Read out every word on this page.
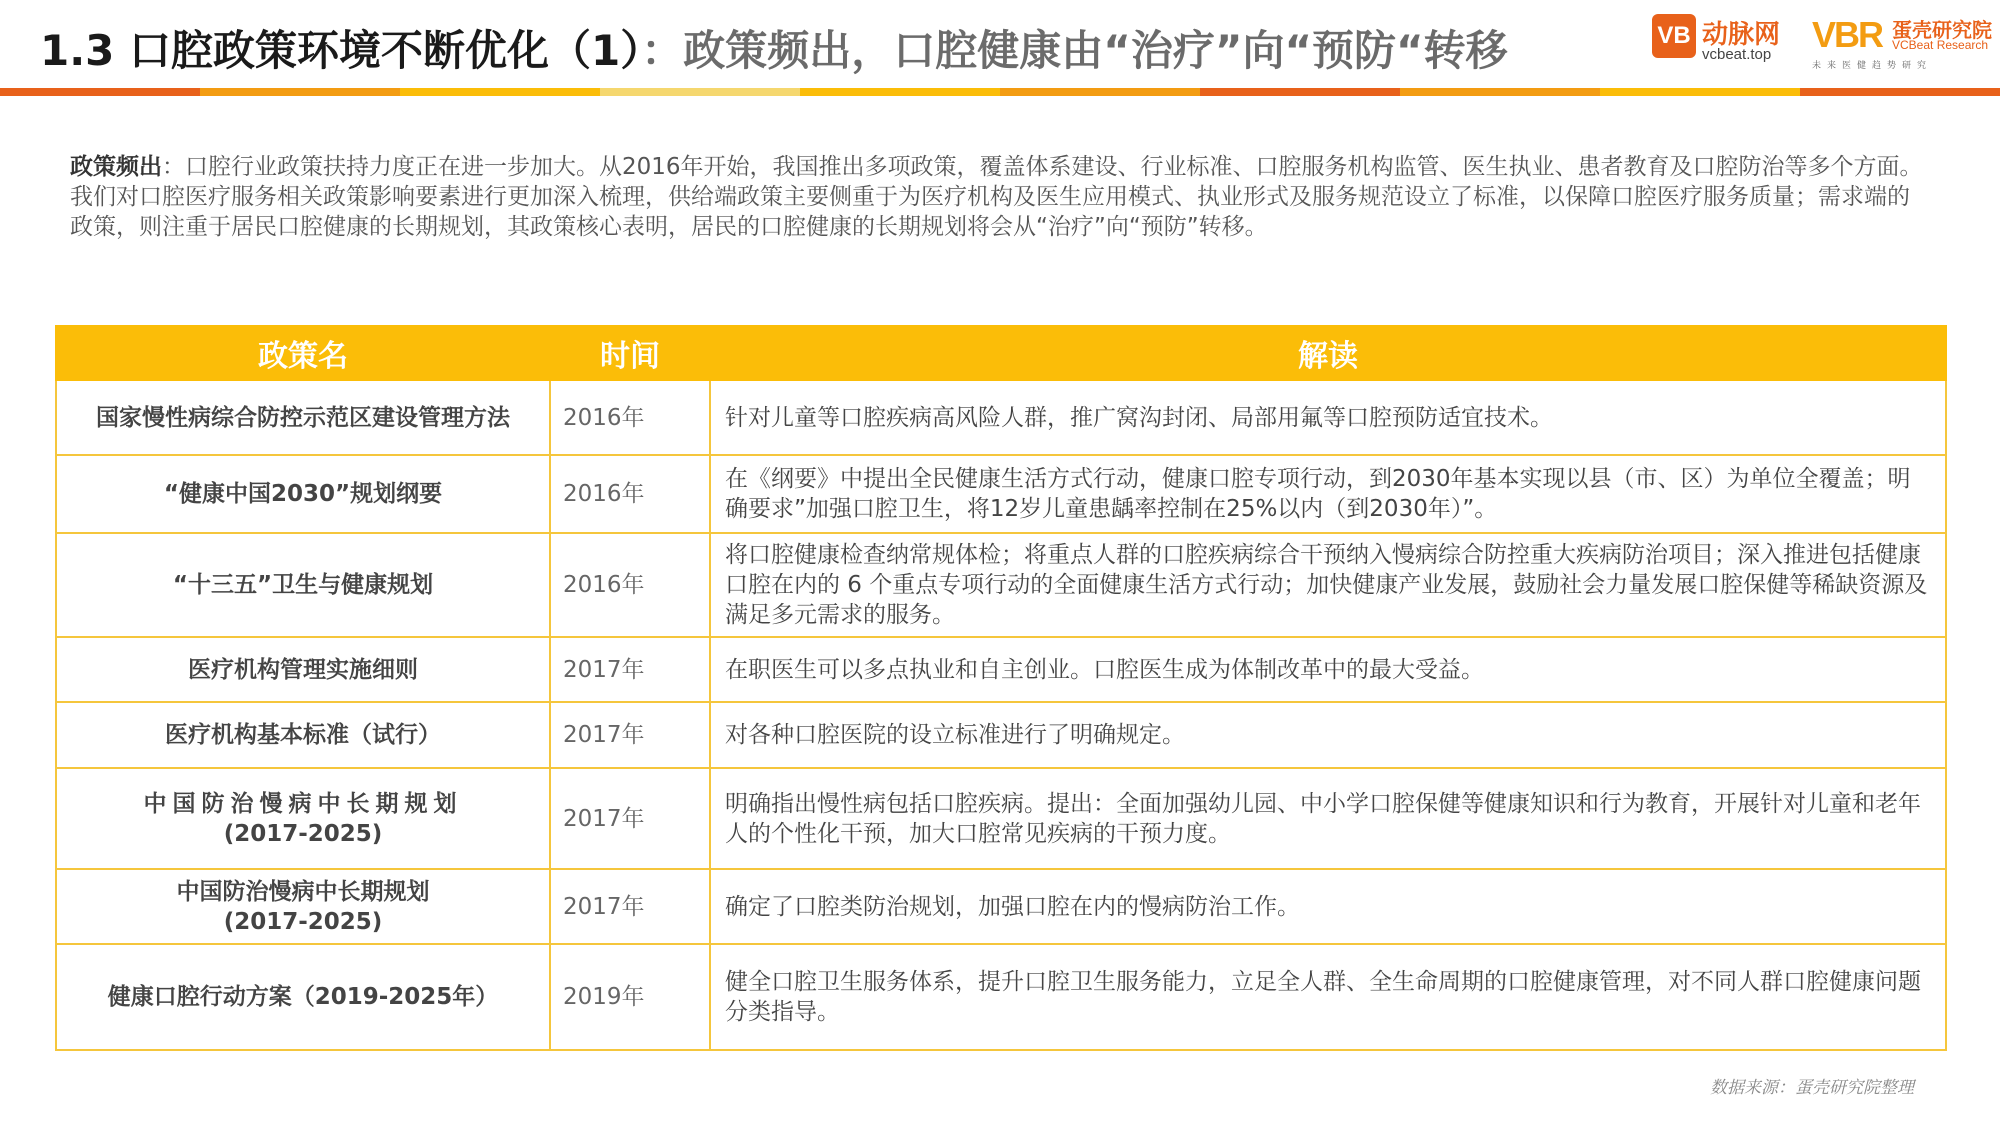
1.3 口腔政策环境不断优化（1）：政策频出，口腔健康由“治疗”向“预防“转移	VB 动脉网
vcbeat.top VBR 蛋壳研究院
VCBeat Research
未来医健趋势研究
政策频出：口腔行业政策扶持力度正在进一步加大。从2016年开始，我国推出多项政策，覆盖体系建设、行业标准、口腔服务机构监管、医生执业、患者教育及口腔防治等多个方面。我们对口腔医疗服务相关政策影响要素进行更加深入梳理，供给端政策主要侧重于为医疗机构及医生应用模式、执业形式及服务规范设立了标准，以保障口腔医疗服务质量；需求端的政策，则注重于居民口腔健康的长期规划，其政策核心表明，居民的口腔健康的长期规划将会从“治疗”向“预防”转移。
政策名	时间	解读
国家慢性病综合防控示范区建设管理方法	2016年	针对儿童等口腔疾病高风险人群，推广窝沟封闭、局部用氟等口腔预防适宜技术。
“健康中国2030”规划纲要	2016年	在《纲要》中提出全民健康生活方式行动，健康口腔专项行动，到2030年基本实现以县（市、区）为单位全覆盖；明确要求”加强口腔卫生，将12岁儿童患龋率控制在25%以内（到2030年）”。
“十三五”卫生与健康规划	2016年	将口腔健康检查纳常规体检；将重点人群的口腔疾病综合干预纳入慢病综合防控重大疾病防治项目；深入推进包括健康口腔在内的 6 个重点专项行动的全面健康生活方式行动；加快健康产业发展，鼓励社会力量发展口腔保健等稀缺资源及满足多元需求的服务。
医疗机构管理实施细则	2017年	在职医生可以多点执业和自主创业。口腔医生成为体制改革中的最大受益。
医疗机构基本标准（试行）	2017年	对各种口腔医院的设立标准进行了明确规定。

中国防治慢病中长期规划
(2017-2025)	2017年	明确指出慢性病包括口腔疾病。提出：全面加强幼儿园、中小学口腔保健等健康知识和行为教育，开展针对儿童和老年人的个性化干预，加大口腔常见疾病的干预力度。

中国防治慢病中长期规划
(2017-2025)	2017年	确定了口腔类防治规划，加强口腔在内的慢病防治工作。
健康口腔行动方案（2019-2025年）	2019年	健全口腔卫生服务体系，提升口腔卫生服务能力，立足全人群、全生命周期的口腔健康管理，对不同人群口腔健康问题分类指导。
数据来源：蛋壳研究院整理
